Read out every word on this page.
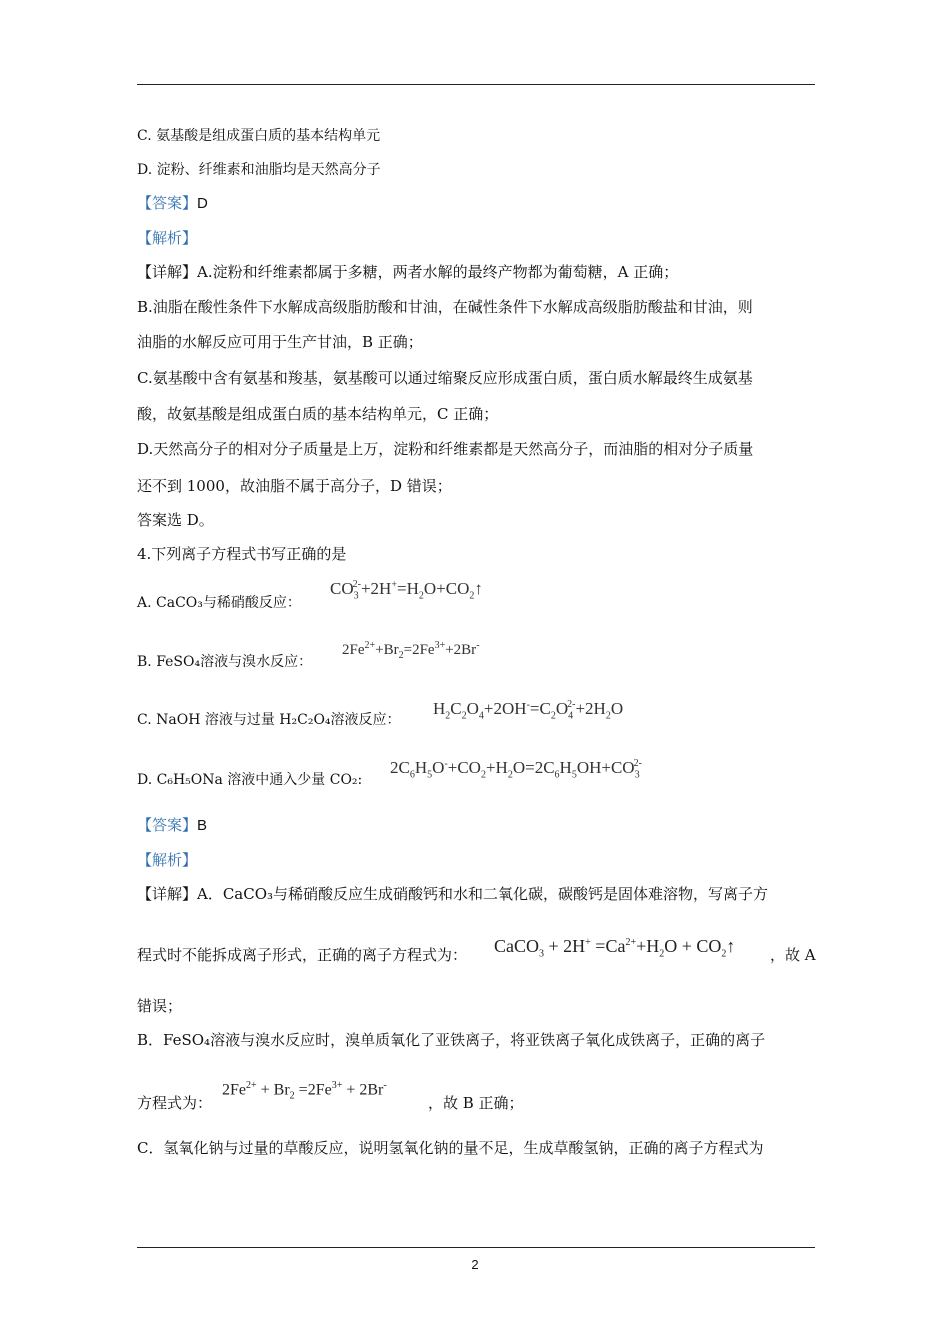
C. 氨基酸是组成蛋白质的基本结构单元
D. 淀粉、纤维素和油脂均是天然高分子
【答案】D
【解析】
【详解】A.淀粉和纤维素都属于多糖，两者水解的最终产物都为葡萄糖，A 正确；
B.油脂在酸性条件下水解成高级脂肪酸和甘油，在碱性条件下水解成高级脂肪酸盐和甘油，则
油脂的水解反应可用于生产甘油，B 正确；
C.氨基酸中含有氨基和羧基，氨基酸可以通过缩聚反应形成蛋白质，蛋白质水解最终生成氨基
酸，故氨基酸是组成蛋白质的基本结构单元，C 正确；
D.天然高分子的相对分子质量是上万，淀粉和纤维素都是天然高分子，而油脂的相对分子质量
还不到 1000，故油脂不属于高分子，D 错误；
答案选 D。
4.下列离子方程式书写正确的是
A. CaCO₃与稀硝酸反应：
$CO_3^{2-}+2H^+=H_2O+CO_2↑$
B. FeSO₄溶液与溴水反应：
$2Fe^{2+}+Br_2=2Fe^{3+}+2Br^-$
C. NaOH 溶液与过量 H₂C₂O₄溶液反应：
$H_2C_2O_4+2OH^-=C_2O_4^{2-}+2H_2O$
D. C₆H₅ONa 溶液中通入少量 CO₂:
$2C_6H_5O^-+CO_2+H_2O=2C_6H_5OH+CO_3^{2-}$
【答案】B
【解析】
【详解】A．CaCO₃与稀硝酸反应生成硝酸钙和水和二氧化碳，碳酸钙是固体难溶物，写离子方
程式时不能拆成离子形式，正确的离子方程式为： CaCO$_3$ + $2H^+ =Ca^{2+}+H_2O$ + $CO_2↑$ ，故 A
错误；
B．FeSO₄溶液与溴水反应时，溴单质氧化了亚铁离子，将亚铁离子氧化成铁离子，正确的离子
方程式为：
$2Fe^{2+} + Br_2 =2Fe^{3+} + 2Br^-$
，故 B 正确；
C．氢氧化钠与过量的草酸反应，说明氢氧化钠的量不足，生成草酸氢钠，正确的离子方程式为
2
